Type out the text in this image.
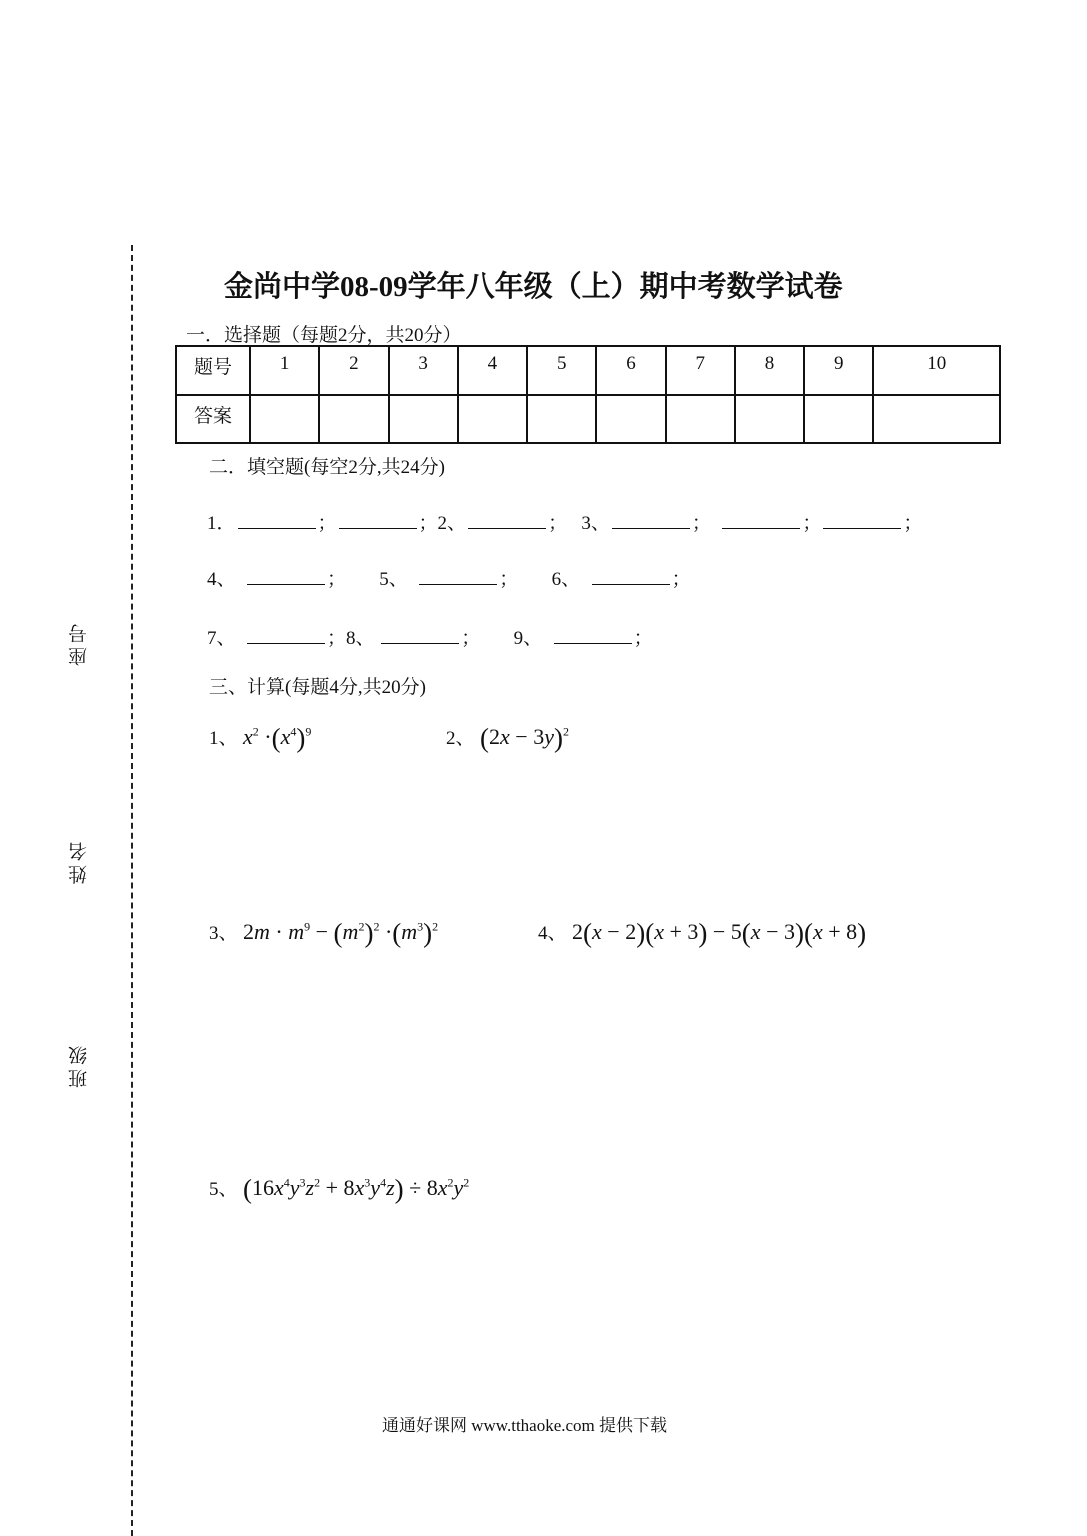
座号
姓名
班级
金尚中学08-09学年八年级（上）期中考数学试卷
一．选择题（每题2分，共20分）
题号	1	2	3	4	5	6	7	8	9	10
答案										
二．填空题(每空2分,共24分)
1．	；	；2、	；   3、	；	；	；
4、	；       5、	；       6、	；
7、	；8、	；       9、	；
三、计算(每题4分,共20分)
1、 $x^2 \cdot(x^4)^9$	2、 $(2x - 3y)^2$
3、 $2m \cdot m^9 - (m^2)^2 \cdot(m^3)^2$	4、 2(x − 2)(x + 3) − 5(x − 3)(x + 8)
5、 $(16x^4y^3z^2 + 8x^3y^4z) \div 8x^2y^2$
通通好课网 www.tthaoke.com 提供下载
